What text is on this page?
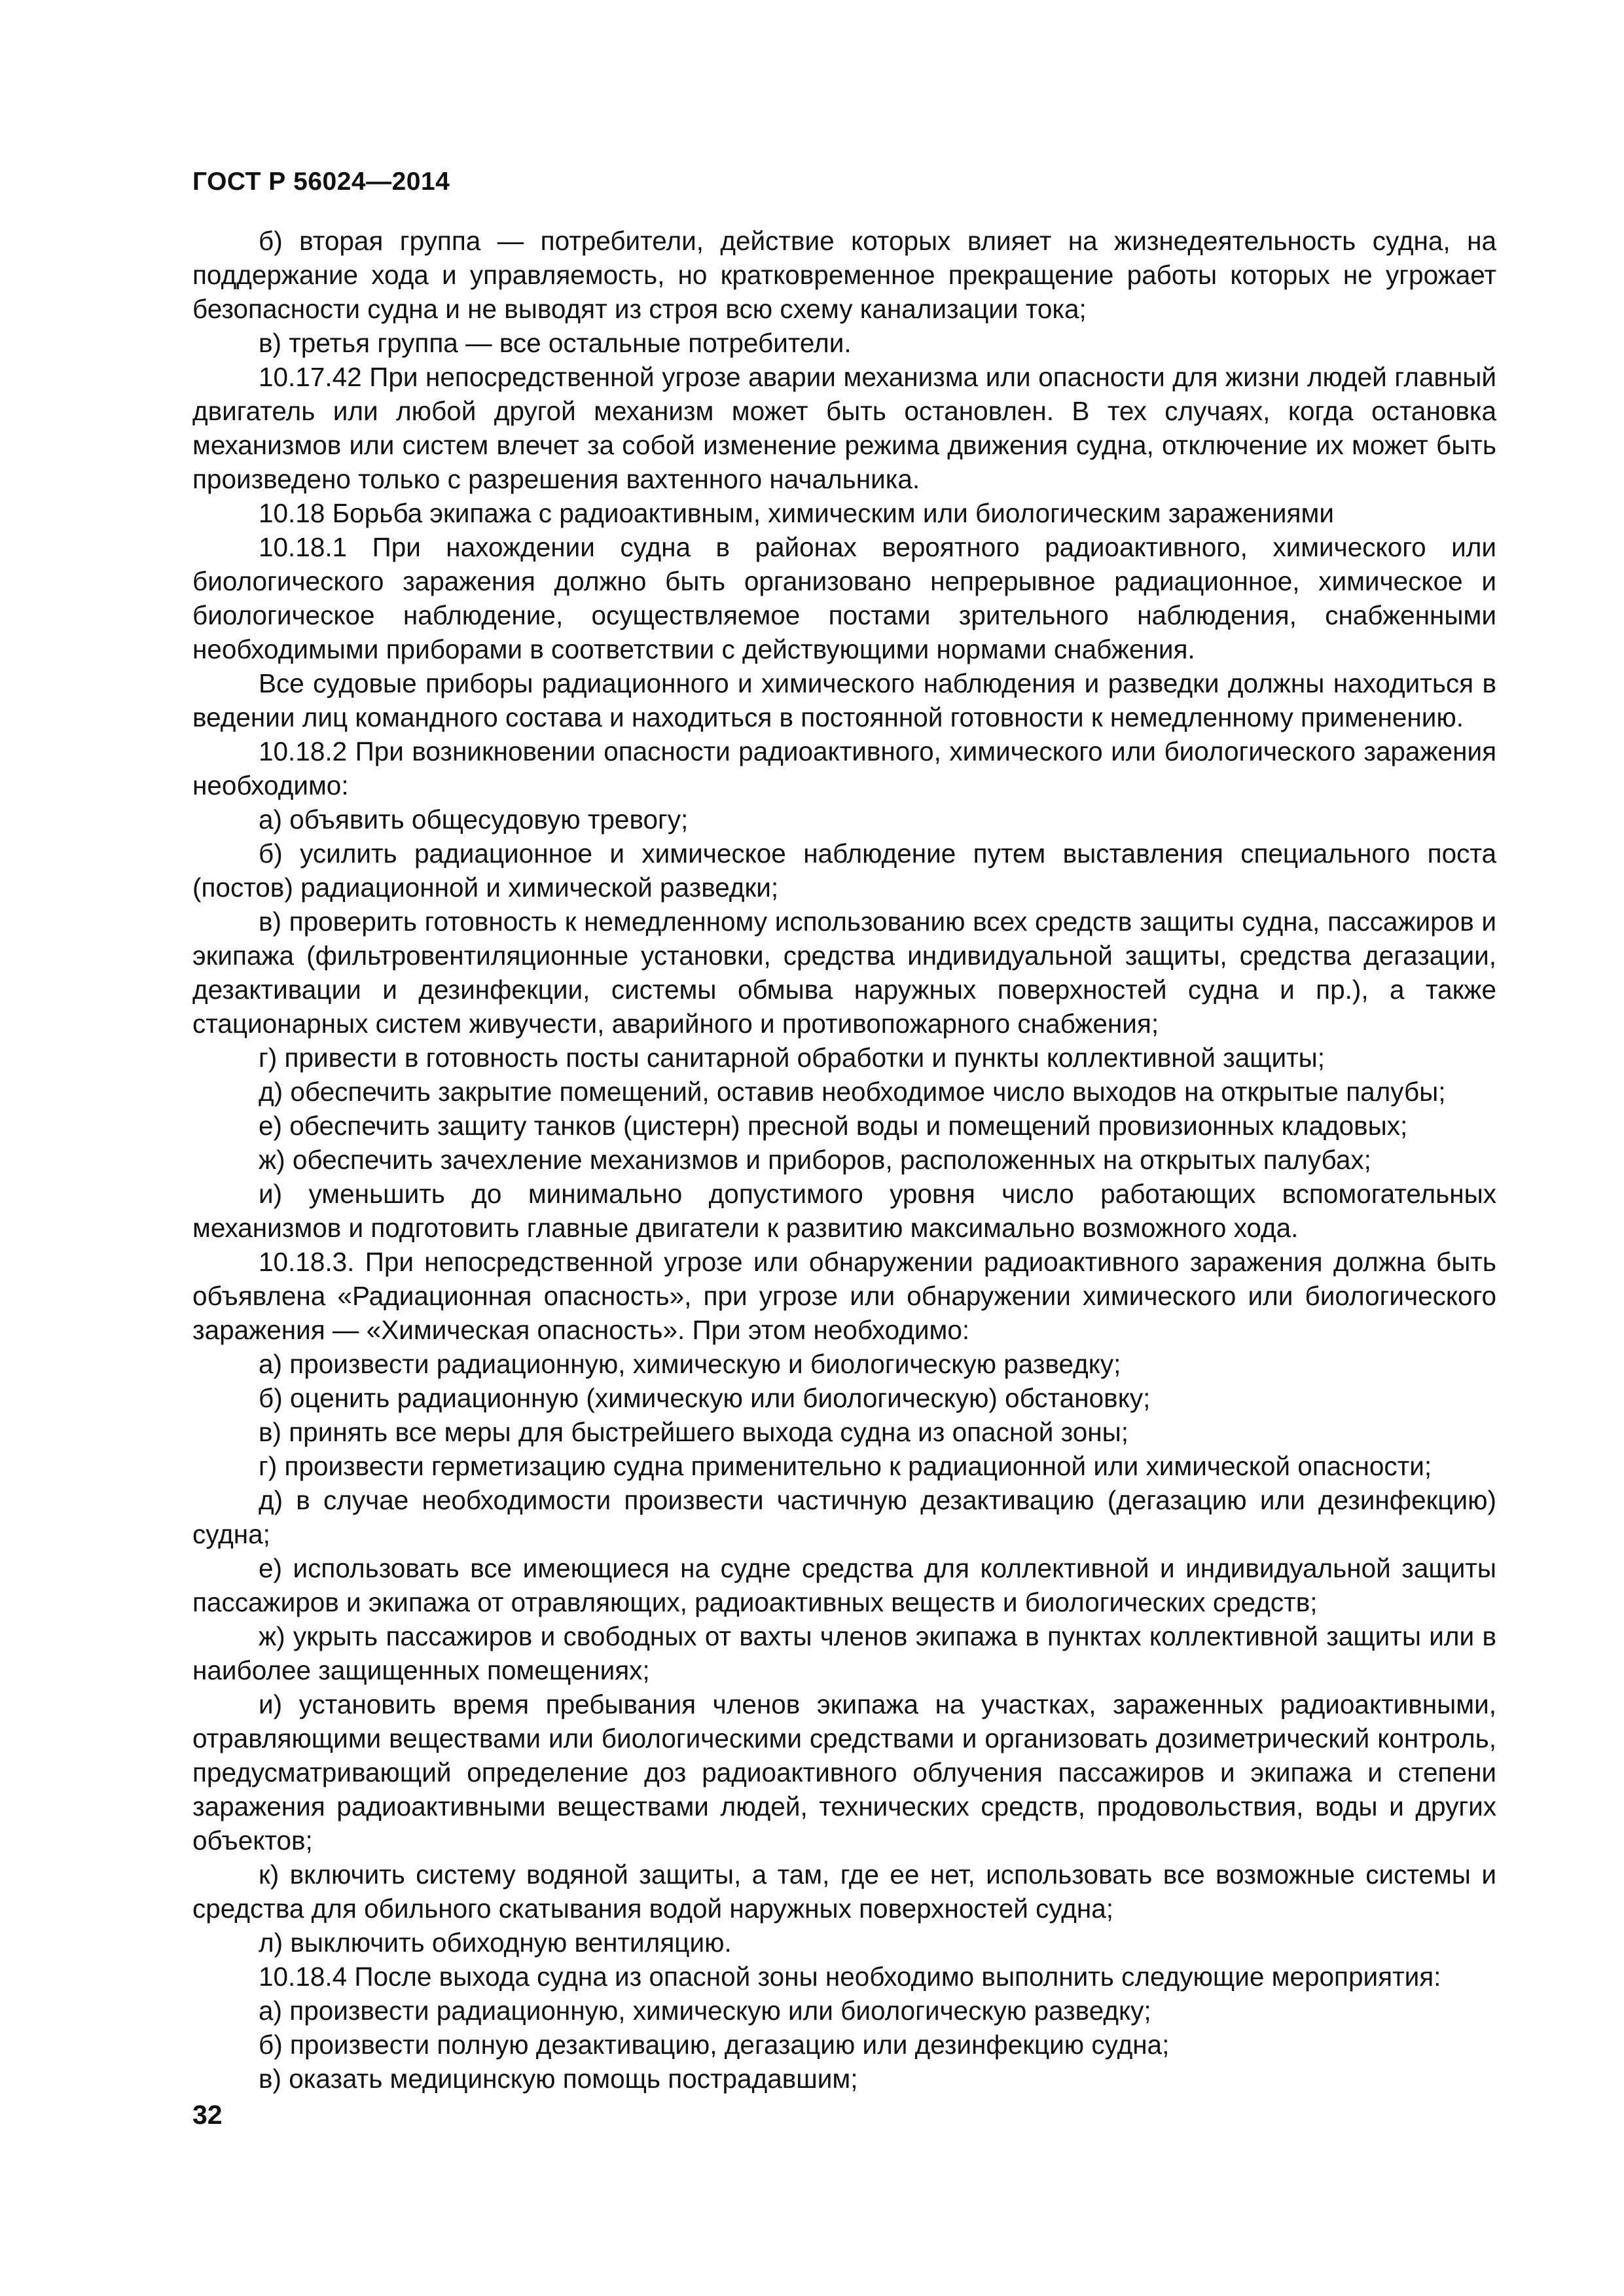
ГОСТ Р 56024—2014

б) вторая группа — потребители, действие которых влияет на жизнедеятельность судна, на поддержание хода и управляемость, но кратковременное прекращение работы которых не угрожает безопасности судна и не выводят из строя всю схему канализации тока;

в) третья группа — все остальные потребители.

10.17.42 При непосредственной угрозе аварии механизма или опасности для жизни людей главный двигатель или любой другой механизм может быть остановлен. В тех случаях, когда остановка механизмов или систем влечет за собой изменение режима движения судна, отключение их может быть произведено только с разрешения вахтенного начальника.

10.18 Борьба экипажа с радиоактивным, химическим или биологическим заражениями

10.18.1 При нахождении судна в районах вероятного радиоактивного, химического или биологического заражения должно быть организовано непрерывное радиационное, химическое и биологическое наблюдение, осуществляемое постами зрительного наблюдения, снабженными необходимыми приборами в соответствии с действующими нормами снабжения.

Все судовые приборы радиационного и химического наблюдения и разведки должны находиться в ведении лиц командного состава и находиться в постоянной готовности к немедленному применению.

10.18.2 При возникновении опасности радиоактивного, химического или биологического заражения необходимо:

а) объявить общесудовую тревогу;

б) усилить радиационное и химическое наблюдение путем выставления специального поста (постов) радиационной и химической разведки;

в) проверить готовность к немедленному использованию всех средств защиты судна, пассажиров и экипажа (фильтровентиляционные установки, средства индивидуальной защиты, средства дегазации, дезактивации и дезинфекции, системы обмыва наружных поверхностей судна и пр.), а также стационарных систем живучести, аварийного и противопожарного снабжения;

г) привести в готовность посты санитарной обработки и пункты коллективной защиты;

д) обеспечить закрытие помещений, оставив необходимое число выходов на открытые палубы;

е) обеспечить защиту танков (цистерн) пресной воды и помещений провизионных кладовых;

ж) обеспечить зачехление механизмов и приборов, расположенных на открытых палубах;

и) уменьшить до минимально допустимого уровня число работающих вспомогательных механизмов и подготовить главные двигатели к развитию максимально возможного хода.

10.18.3. При непосредственной угрозе или обнаружении радиоактивного заражения должна быть объявлена «Радиационная опасность», при угрозе или обнаружении химического или биологического заражения — «Химическая опасность». При этом необходимо:

а) произвести радиационную, химическую и биологическую разведку;

б) оценить радиационную (химическую или биологическую) обстановку;

в) принять все меры для быстрейшего выхода судна из опасной зоны;

г) произвести герметизацию судна применительно к радиационной или химической опасности;

д) в случае необходимости произвести частичную дезактивацию (дегазацию или дезинфекцию) судна;

е) использовать все имеющиеся на судне средства для коллективной и индивидуальной защиты пассажиров и экипажа от отравляющих, радиоактивных веществ и биологических средств;

ж) укрыть пассажиров и свободных от вахты членов экипажа в пунктах коллективной защиты или в наиболее защищенных помещениях;

и) установить время пребывания членов экипажа на участках, зараженных радиоактивными, отравляющими веществами или биологическими средствами и организовать дозиметрический контроль, предусматривающий определение доз радиоактивного облучения пассажиров и экипажа и степени заражения радиоактивными веществами людей, технических средств, продовольствия, воды и других объектов;

к) включить систему водяной защиты, а там, где ее нет, использовать все возможные системы и средства для обильного скатывания водой наружных поверхностей судна;

л) выключить обиходную вентиляцию.

10.18.4 После выхода судна из опасной зоны необходимо выполнить следующие мероприятия:

а) произвести радиационную, химическую или биологическую разведку;

б) произвести полную дезактивацию, дегазацию или дезинфекцию судна;

в) оказать медицинскую помощь пострадавшим;

32
